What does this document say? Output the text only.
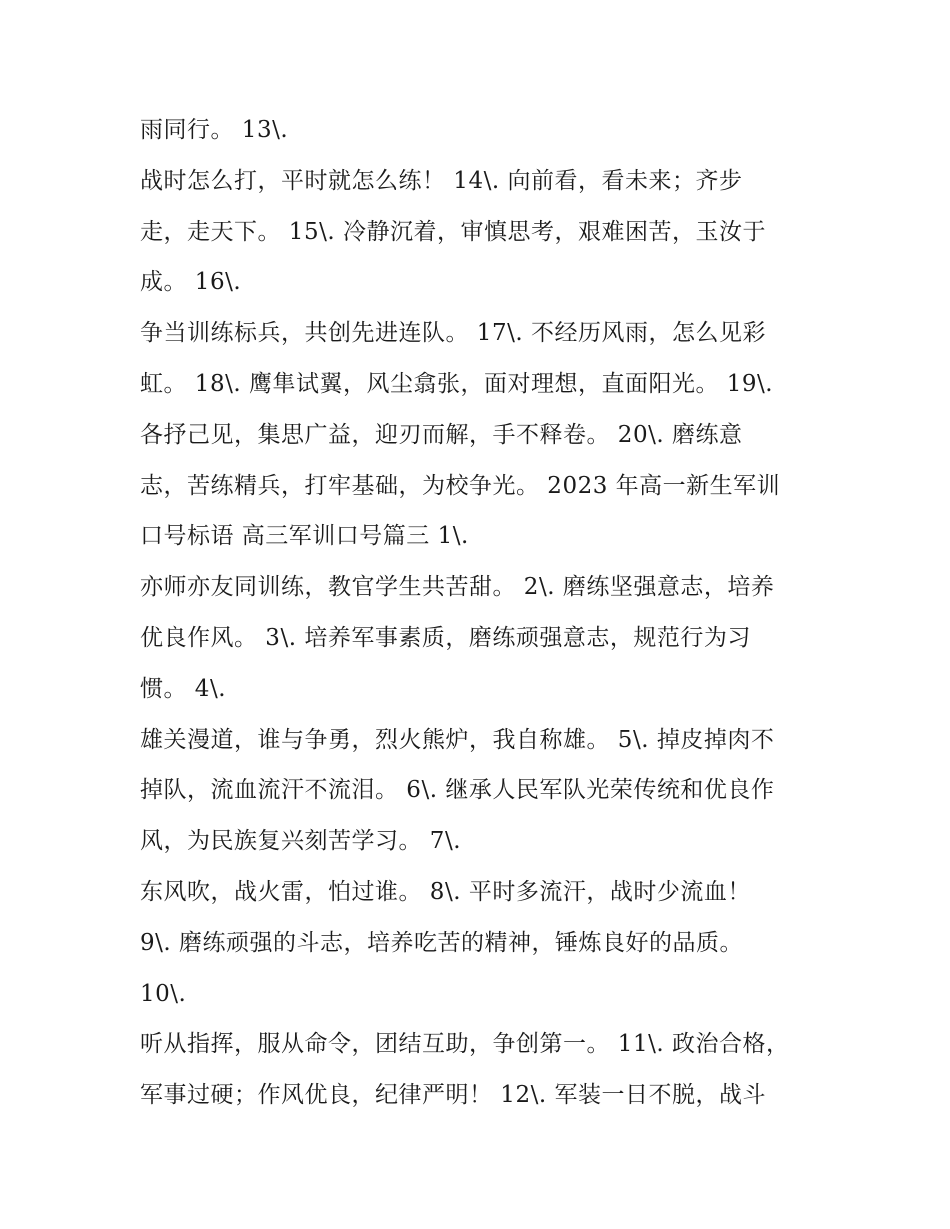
雨同行。 13\.
战时怎么打，平时就怎么练！ 14\. 向前看，看未来；齐步
走，走天下。 15\. 冷静沉着，审慎思考，艰难困苦，玉汝于
成。 16\.
争当训练标兵，共创先进连队。 17\. 不经历风雨，怎么见彩
虹。 18\. 鹰隼试翼，风尘翕张，面对理想，直面阳光。 19\.
各抒己见，集思广益，迎刃而解，手不释卷。 20\. 磨练意
志，苦练精兵，打牢基础，为校争光。 2023 年高一新生军训
口号标语 高三军训口号篇三 1\.
亦师亦友同训练，教官学生共苦甜。 2\. 磨练坚强意志，培养
优良作风。 3\. 培养军事素质，磨练顽强意志，规范行为习
惯。 4\.
雄关漫道，谁与争勇，烈火熊炉，我自称雄。 5\. 掉皮掉肉不
掉队，流血流汗不流泪。 6\. 继承人民军队光荣传统和优良作
风，为民族复兴刻苦学习。 7\.
东风吹，战火雷，怕过谁。 8\. 平时多流汗，战时少流血！
9\. 磨练顽强的斗志，培养吃苦的精神，锤炼良好的品质。
10\.
听从指挥，服从命令，团结互助，争创第一。 11\. 政治合格，
军事过硬；作风优良，纪律严明！ 12\. 军装一日不脱，战斗
